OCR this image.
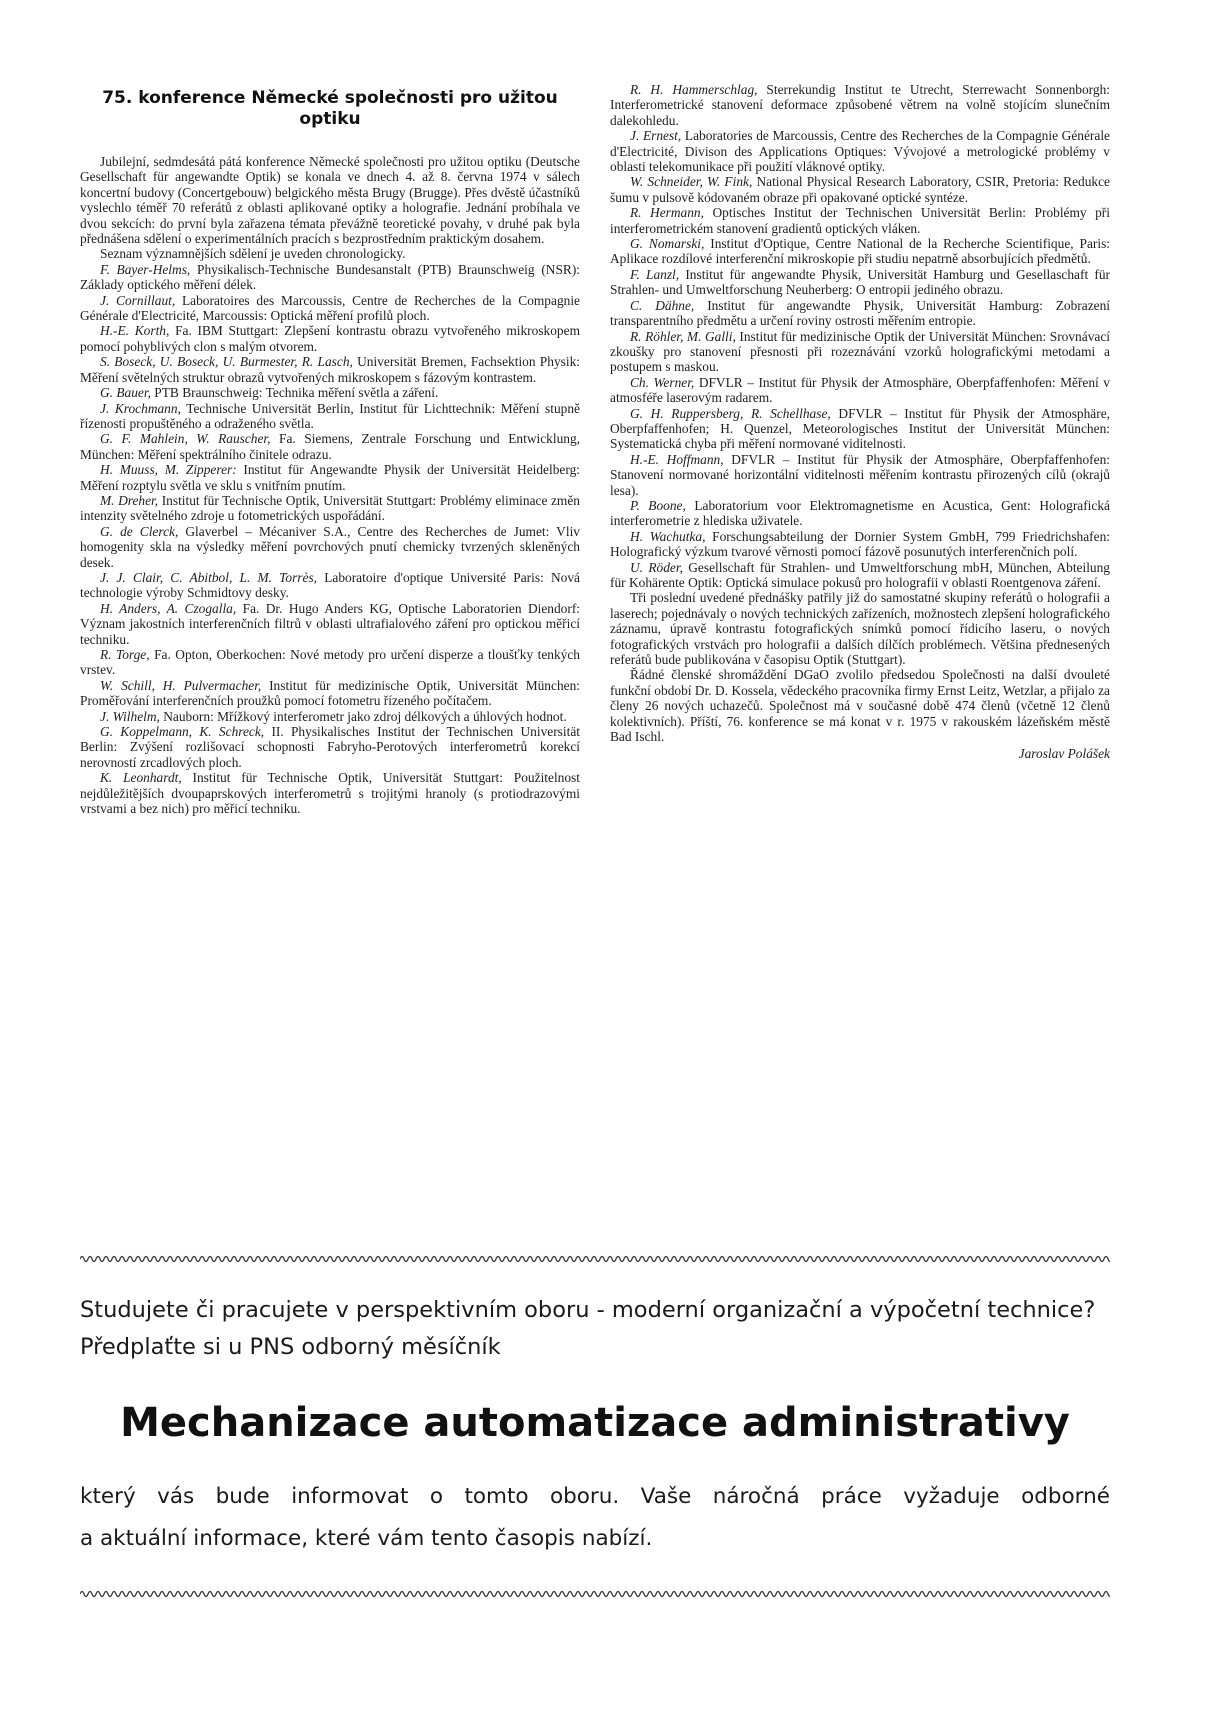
75. konference Německé společnosti pro užitou optiku

Jubilejní, sedmdesátá pátá konference Německé společnosti pro užitou optiku (Deutsche Gesellschaft für angewandte Optik) se konala ve dnech 4. až 8. června 1974 v sálech koncertní budovy (Concertgebouw) belgického města Brugy (Brugge). Přes dvěstě účastníků vyslechlo téměř 70 referátů z oblasti aplikované optiky a holografie. Jednání probíhala ve dvou sekcích: do první byla zařazena témata převážně teoretické povahy, v druhé pak byla přednášena sdělení o experimentálních pracích s bezprostředním praktickým dosahem.

Seznam významnějších sdělení je uveden chronologicky.

F. Bayer-Helms, Physikalisch-Technische Bundesanstalt (PTB) Braunschweig (NSR): Základy optického měření délek.

J. Cornillaut, Laboratoires des Marcoussis, Centre de Recherches de la Compagnie Générale d'Electricité, Marcoussis: Optická měření profilů ploch.

H.-E. Korth, Fa. IBM Stuttgart: Zlepšení kontrastu obrazu vytvořeného mikroskopem pomocí pohyblivých clon s malým otvorem.

S. Boseck, U. Boseck, U. Burmester, R. Lasch, Universität Bremen, Fachsektion Physik: Měření světelných struktur obrazů vytvořených mikroskopem s fázovým kontrastem.

G. Bauer, PTB Braunschweig: Technika měření světla a záření.

J. Krochmann, Technische Universität Berlin, Institut für Lichttechnik: Měření stupně řízenosti propuštěného a odraženého světla.

G. F. Mahlein, W. Rauscher, Fa. Siemens, Zentrale Forschung und Entwicklung, München: Měření spektrálního činitele odrazu.

H. Muuss, M. Zipperer: Institut für Angewandte Physik der Universität Heidelberg: Měření rozptylu světla ve sklu s vnitřním pnutím.

M. Dreher, Institut für Technische Optik, Universität Stuttgart: Problémy eliminace změn intenzity světelného zdroje u fotometrických uspořádání.

G. de Clerck, Glaverbel – Mécaniver S.A., Centre des Recherches de Jumet: Vliv homogenity skla na výsledky měření povrchových pnutí chemicky tvrzených skleněných desek.

J. J. Clair, C. Abitbol, L. M. Torrès, Laboratoire d'optique Université Paris: Nová technologie výroby Schmidtovy desky.

H. Anders, A. Czogalla, Fa. Dr. Hugo Anders KG, Optische Laboratorien Diendorf: Význam jakostních interferenčních filtrů v oblasti ultrafialového záření pro optickou měřicí techniku.

R. Torge, Fa. Opton, Oberkochen: Nové metody pro určení disperze a tloušťky tenkých vrstev.

W. Schill, H. Pulvermacher, Institut für medizinische Optik, Universität München: Proměřování interferenčních proužků pomocí fotometru řízeného počítačem.

J. Wilhelm, Nauborn: Mřížkový interferometr jako zdroj délkových a úhlových hodnot.

G. Koppelmann, K. Schreck, II. Physikalisches Institut der Technischen Universität Berlin: Zvýšení rozlišovací schopnosti Fabryho-Perotových interferometrů korekcí nerovností zrcadlových ploch.

K. Leonhardt, Institut für Technische Optik, Universität Stuttgart: Použitelnost nejdůležitějších dvoupaprskových interferometrů s trojitými hranoly (s protiodrazovými vrstvami a bez nich) pro měřicí techniku.

R. H. Hammerschlag, Sterrekundig Institut te Utrecht, Sterrewacht Sonnenborgh: Interferometrické stanovení deformace způsobené větrem na volně stojícím slunečním dalekohledu.

J. Ernest, Laboratories de Marcoussis, Centre des Recherches de la Compagnie Générale d'Electricité, Divison des Applications Optiques: Vývojové a metrologické problémy v oblasti telekomunikace při použití vláknové optiky.

W. Schneider, W. Fink, National Physical Research Laboratory, CSIR, Pretoria: Redukce šumu v pulsově kódovaném obraze při opakované optické syntéze.

R. Hermann, Optisches Institut der Technischen Universität Berlin: Problémy při interferometrickém stanovení gradientů optických vláken.

G. Nomarski, Institut d'Optique, Centre National de la Recherche Scientifique, Paris: Aplikace rozdílové interferenční mikroskopie při studiu nepatrně absorbujících předmětů.

F. Lanzl, Institut für angewandte Physik, Universität Hamburg und Gesellaschaft für Strahlen- und Umweltforschung Neuherberg: O entropii jediného obrazu.

C. Dähne, Institut für angewandte Physik, Universität Hamburg: Zobrazení transparentního předmětu a určení roviny ostrosti měřením entropie.

R. Röhler, M. Galli, Institut für medizinische Optik der Universität München: Srovnávací zkoušky pro stanovení přesnosti při rozeznávání vzorků holografickými metodami a postupem s maskou.

Ch. Werner, DFVLR – Institut für Physik der Atmosphäre, Oberpfaffenhofen: Měření v atmosféře laserovým radarem.

G. H. Ruppersberg, R. Schellhase, DFVLR – Institut für Physik der Atmosphäre, Oberpfaffenhofen; H. Quenzel, Meteorologisches Institut der Universität München: Systematická chyba při měření normované viditelnosti.

H.-E. Hoffmann, DFVLR – Institut für Physik der Atmosphäre, Oberpfaffenhofen: Stanovení normované horizontální viditelnosti měřením kontrastu přirozených cílů (okrajů lesa).

P. Boone, Laboratorium voor Elektromagnetisme en Acustica, Gent: Holografická interferometrie z hlediska uživatele.

H. Wachutka, Forschungsabteilung der Dornier System GmbH, 799 Friedrichshafen: Holografický výzkum tvarové věrnosti pomocí fázově posunutých interferenčních polí.

U. Röder, Gesellschaft für Strahlen- und Umweltforschung mbH, München, Abteilung für Kohärente Optik: Optická simulace pokusů pro holografii v oblasti Roentgenova záření.

Tři poslední uvedené přednášky patřily již do samostatné skupiny referátů o holografii a laserech; pojednávaly o nových technických zařízeních, možnostech zlepšení holografického záznamu, úpravě kontrastu fotografických snímků pomocí řídicího laseru, o nových fotografických vrstvách pro holografii a dalších dílčích problémech. Většina přednesených referátů bude publikována v časopisu Optik (Stuttgart).

Řádné členské shromáždění DGaO zvolilo předsedou Společnosti na další dvouleté funkční období Dr. D. Kossela, vědeckého pracovníka firmy Ernst Leitz, Wetzlar, a přijalo za členy 26 nových uchazečů. Společnost má v současné době 474 členů (včetně 12 členů kolektivních). Příští, 76. konference se má konat v r. 1975 v rakouském lázeňském městě Bad Ischl.

Jaroslav Polášek

Studujete či pracujete v perspektivním oboru - moderní organizační a výpočetní technice?
Předplaťte si u PNS odborný měsíčník
Mechanizace automatizace administrativy
který vás bude informovat o tomto oboru. Vaše náročná práce vyžaduje odborné
a aktuální informace, které vám tento časopis nabízí.
